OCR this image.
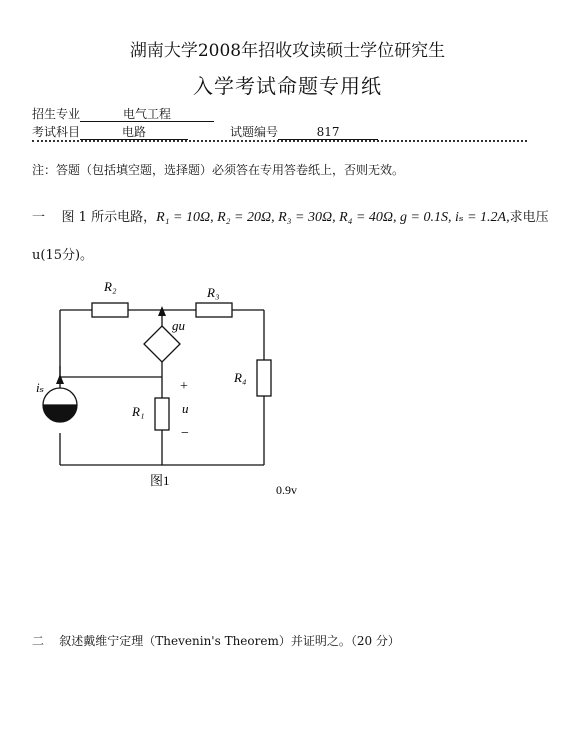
湖南大学2008年招收攻读硕士学位研究生
入学考试命题专用纸
招生专业	电气工程
考试科目	电路	试题编号	817
注：答题（包括填空题，选择题）必须答在专用答卷纸上，否则无效。
一 图 1 所示电路，R₁ = 10Ω, R₂ = 20Ω, R₃ = 30Ω, R₄ = 40Ω, g = 0.1S, iₛ = 1.2A,求电压
u(15分)。
R₂	R₃
R₄
R₁
gu
iₛ	+
u
−
图1
0.9v
二 叙述戴维宁定理（Thevenin's Theorem）并证明之。（20 分）
